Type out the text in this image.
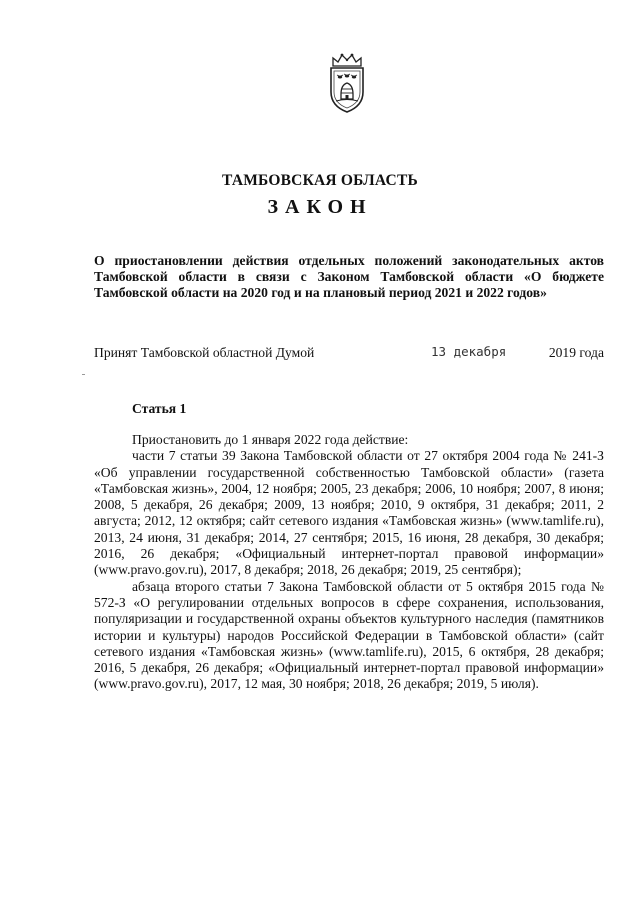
ТАМБОВСКАЯ ОБЛАСТЬ
ЗАКОН

О приостановлении действия отдельных положений законодательных актов Тамбовской области в связи с Законом Тамбовской области «О бюджете Тамбовской области на 2020 год и на плановый период 2021 и 2022 годов»

Принят Тамбовской областной Думой	13 декабря	2019 года
Статья 1

Приостановить до 1 января 2022 года действие:

части 7 статьи 39 Закона Тамбовской области от 27 октября 2004 года № 241-З «Об управлении государственной собственностью Тамбовской области» (газета «Тамбовская жизнь», 2004, 12 ноября; 2005, 23 декабря; 2006, 10 ноября; 2007, 8 июня; 2008, 5 декабря, 26 декабря; 2009, 13 ноября; 2010, 9 октября, 31 декабря; 2011, 2 августа; 2012, 12 октября; сайт сетевого издания «Тамбовская жизнь» (www.tamlife.ru), 2013, 24 июня, 31 декабря; 2014, 27 сентября; 2015, 16 июня, 28 декабря, 30 декабря; 2016, 26 декабря; «Официальный интернет-портал правовой информации» (www.pravo.gov.ru), 2017, 8 декабря; 2018, 26 декабря; 2019, 25 сентября);

абзаца второго статьи 7 Закона Тамбовской области от 5 октября 2015 года № 572-З «О регулировании отдельных вопросов в сфере сохранения, использования, популяризации и государственной охраны объектов культурного наследия (памятников истории и культуры) народов Российской Федерации в Тамбовской области» (сайт сетевого издания «Тамбовская жизнь» (www.tamlife.ru), 2015, 6 октября, 28 декабря; 2016, 5 декабря, 26 декабря; «Официальный интернет-портал правовой информации» (www.pravo.gov.ru), 2017, 12 мая, 30 ноября; 2018, 26 декабря; 2019, 5 июля).
